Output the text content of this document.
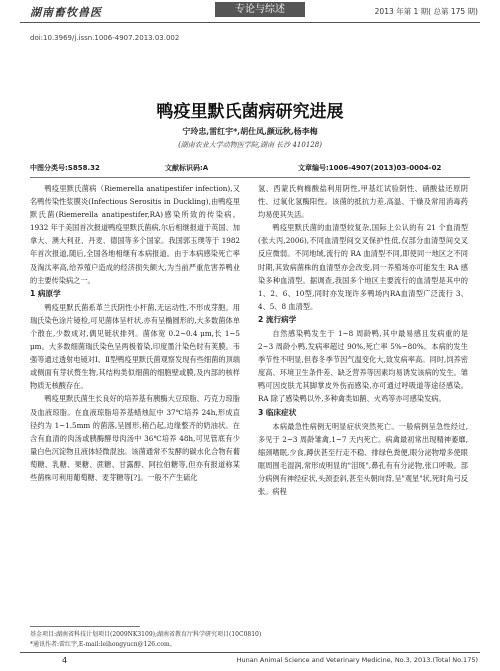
湖南畜牧兽医	专论与综述	2013 年第 1 期( 总第 175 期)
doi:10.3969/j.issn.1006-4907.2013.03.002
鸭疫里默氏菌病研究进展
宁玲忠,雷红宇*,胡仕凤,颜远秋,杨李梅
(湖南农业大学动物医学院,湖南 长沙 410128)
中图分类号:S858.32	文献标识码:A	文章编号:1006-4907(2013)03-0004-02

鸭疫里默氏菌病（Riemerella anatipestifer infection),又名鸭传染性浆膜炎(Infectious Serositis in Duckling),由鸭疫里默氏菌(Riemerella anatipestifer,RA)感染所致的传染病。1932 年于美国首次报道鸭疫里默氏菌病,尔后相继报道于英国、加拿大、澳大利亚、丹麦、德国等多个国家。我国郭玉璞等于 1982 年首次报道,随后,全国各地相继有本病报道。由于本病感染死亡率及淘汰率高,给养殖户造成的经济损失颇大,为当前严重危害养鸭业的主要传染病之一。

1 病原学

鸭疫里默氏菌系革兰氏阴性小杆菌,无运动性,不形成芽胞。用瑞氏染色涂片镜检,可见菌体呈杆状,亦有呈椭圆形的,大多数菌体单个散在,少数成对,偶见链状排列。菌体宽 0.2~0.4 μm,长 1~5 μm。大多数细菌瑞氏染色呈两极着染,印度墨汁染色时有荚膜。韦强等通过透射电镜对Ⅰ、Ⅱ型鸭疫里默氏菌观察发现有些细菌的顶端或侧面有芽状赘生物,其结构类似细菌的细胞壁或膜,及内部的核样物质无核酸存在。

鸭疫里默氏菌生长良好的培养基有胰酶大豆琼脂、巧克力琼脂及血液琼脂。在血液琼脂培养基蜡烛缸中 37℃培养 24h,形成直径约为 1~1.5mm 的菌落,呈圆形,稍凸起,边缘整齐的奶油状。在含有血清的肉汤或胰酶酵母肉汤中 36℃培养 48h,可见管底有少量白色沉淀物且液体轻微混浊。该菌通常不发酵的碳水化合物有葡萄糖、乳糖、果糖、蔗糖、甘露醇、阿拉伯糖等,但亦有报道称某些菌株可利用葡萄糖、麦芽糖等[?]。一般不产生硫化

氢、西蒙氏枸橼酸盐利用阴性,甲基红试验阴性、硝酸盐还原阴性、过氧化氢酶阳性。该菌的抵抗力差,高温、干燥及常用消毒药均易使其失活。

鸭疫里默氏菌的血清型较复杂,国际上公认的有 21 个血清型(张大丙,2006),不同血清型间交叉保护性低,仅部分血清型间交叉反应微弱。不同地域,流行的 RA 血清型不同,即使同一地区之不同时期,其致病菌株的血清型亦会改变,同一养殖场亦可能发生 RA 感染多种血清型。据调查,我国多个地区主要流行的血清型是其中的 1、2、6、10型,同时亦发现许多鸭场内RA血清型广泛流行 3、4、5、8 血清型。

2 流行病学

自然感染鸭发生于 1~8 周龄鸭,其中最易感且发病重的是 2~3 周龄小鸭,发病率超过 90%,死亡率 5%~80%。本病的发生季节性不明显,但春冬季节因气温变化大,致发病率高。同时,饲养密度高、环境卫生条件差、缺乏营养等因素均易诱发该病的发生。雏鸭可因皮肤尤其脚掌皮外伤而感染,亦可通过呼吸道等途径感染。RA 除了感染鸭以外,多种禽类如鹅、火鸡等亦可感染发病。

3 临床症状

本病最急性病例无明显症状突然死亡。一般病例呈急性经过,多见于 2~3 周龄雏禽,1~7 天内死亡。病禽最初常出现精神萎靡,缩颈嗜眠,少食,蹲伏甚至行走不稳、排绿色粪便,眼分泌物增多使眼眶周围毛湿润,常形成明显的"泪斑",鼻孔有有分泌物,张口呼吸。部分病例有神经症状,头颈歪斜,甚至头朝向背,呈"观星"状,死时角弓反张。病程

基金项目:湖南省科技计划项目(2009NK3109);湖南省教育厅科学研究项目(10C0810)
*通讯作者:雷红宇,E-mail:leihongyucn@126.com。
4	Hunan Animal Science and Veterinary Medicine, No.3, 2013.(Total No.175)
